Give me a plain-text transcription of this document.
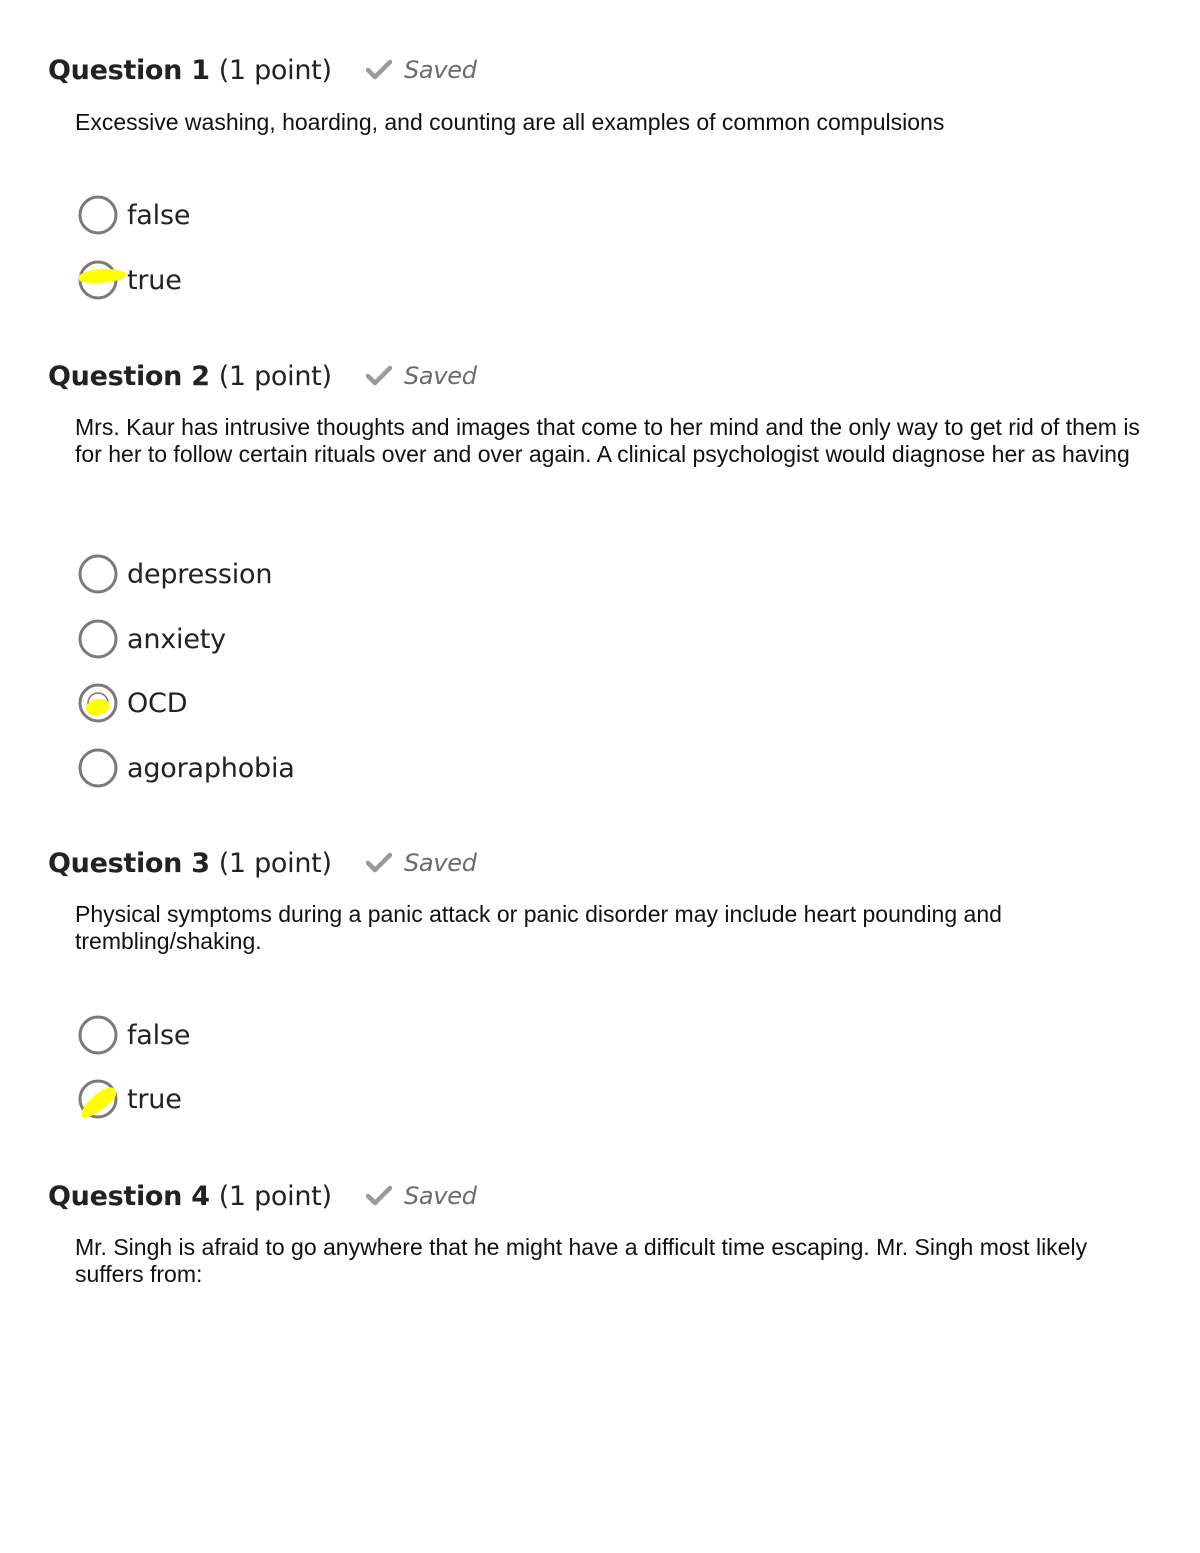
Question 1 (1 point)	Saved
Excessive washing, hoarding, and counting are all examples of common compulsions
false
true
Question 2 (1 point)	Saved
Mrs. Kaur has intrusive thoughts and images that come to her mind and the only way to get rid of them is for her to follow certain rituals over and over again. A clinical psychologist would diagnose her as having
depression
anxiety
OCD
agoraphobia
Question 3 (1 point)	Saved
Physical symptoms during a panic attack or panic disorder may include heart pounding and trembling/shaking.
false
true
Question 4 (1 point)	Saved
Mr. Singh is afraid to go anywhere that he might have a difficult time escaping. Mr. Singh most likely suffers from:
